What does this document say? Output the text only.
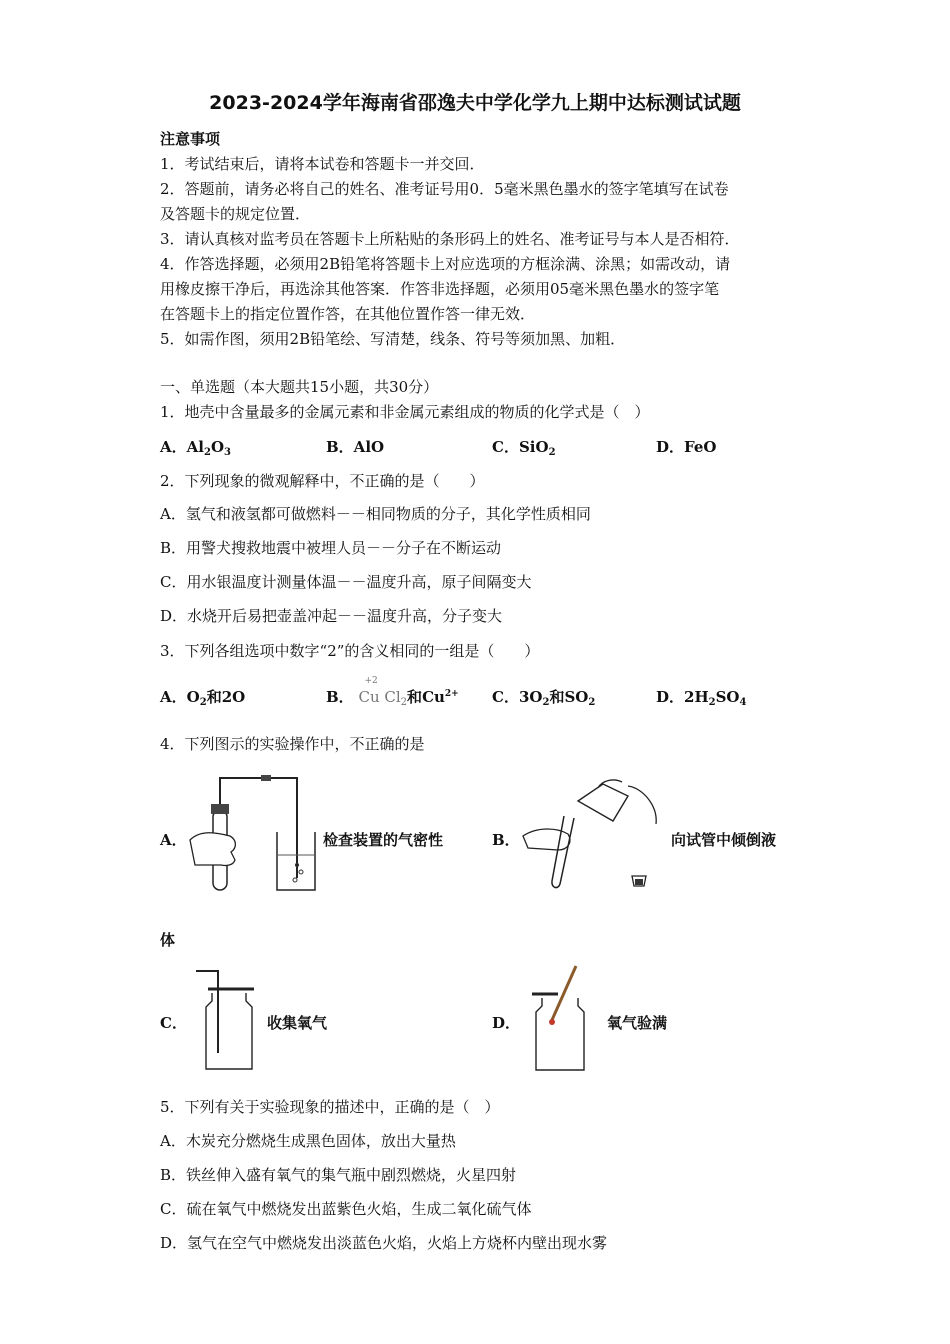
2023-2024学年海南省邵逸夫中学化学九上期中达标测试试题
注意事项
1．考试结束后，请将本试卷和答题卡一并交回．
2．答题前，请务必将自己的姓名、准考证号用0．5毫米黑色墨水的签字笔填写在试卷
及答题卡的规定位置．
3．请认真核对监考员在答题卡上所粘贴的条形码上的姓名、准考证号与本人是否相符．
4．作答选择题，必须用2B铅笔将答题卡上对应选项的方框涂满、涂黑；如需改动，请
用橡皮擦干净后，再选涂其他答案．作答非选择题，必须用05毫米黑色墨水的签字笔
在答题卡上的指定位置作答，在其他位置作答一律无效．
5．如需作图，须用2B铅笔绘、写清楚，线条、符号等须加黑、加粗．
一、单选题（本大题共15小题，共30分）
1．地壳中含量最多的金属元素和非金属元素组成的物质的化学式是（　）
A．$Al_2O_3$	B．AlO	C．SiO$_2$	D．FeO
2．下列现象的微观解释中，不正确的是（　　）
A．氢气和液氢都可做燃料－－相同物质的分子，其化学性质相同
B．用警犬搜救地震中被埋人员－－分子在不断运动
C．用水银温度计测量体温－－温度升高，原子间隔变大
D．水烧开后易把壶盖冲起－－温度升高，分子变大
3．下列各组选项中数字“2”的含义相同的一组是（　　）
A．$O_2$和2O	B．
+2
Cu $Cl_2$和$Cu^{2+}$ C．$3O_2$和$SO_2$	D．$2H_2SO_4$
4．下列图示的实验操作中，不正确的是
A．	检查装置的气密性	B．	向试管中倾倒液
体
C．	收集氧气	D．	氧气验满
5．下列有关于实验现象的描述中，正确的是（　）
A．木炭充分燃烧生成黑色固体，放出大量热
B．铁丝伸入盛有氧气的集气瓶中剧烈燃烧，火星四射
C．硫在氧气中燃烧发出蓝紫色火焰，生成二氧化硫气体
D．氢气在空气中燃烧发出淡蓝色火焰，火焰上方烧杯内壁出现水雾
